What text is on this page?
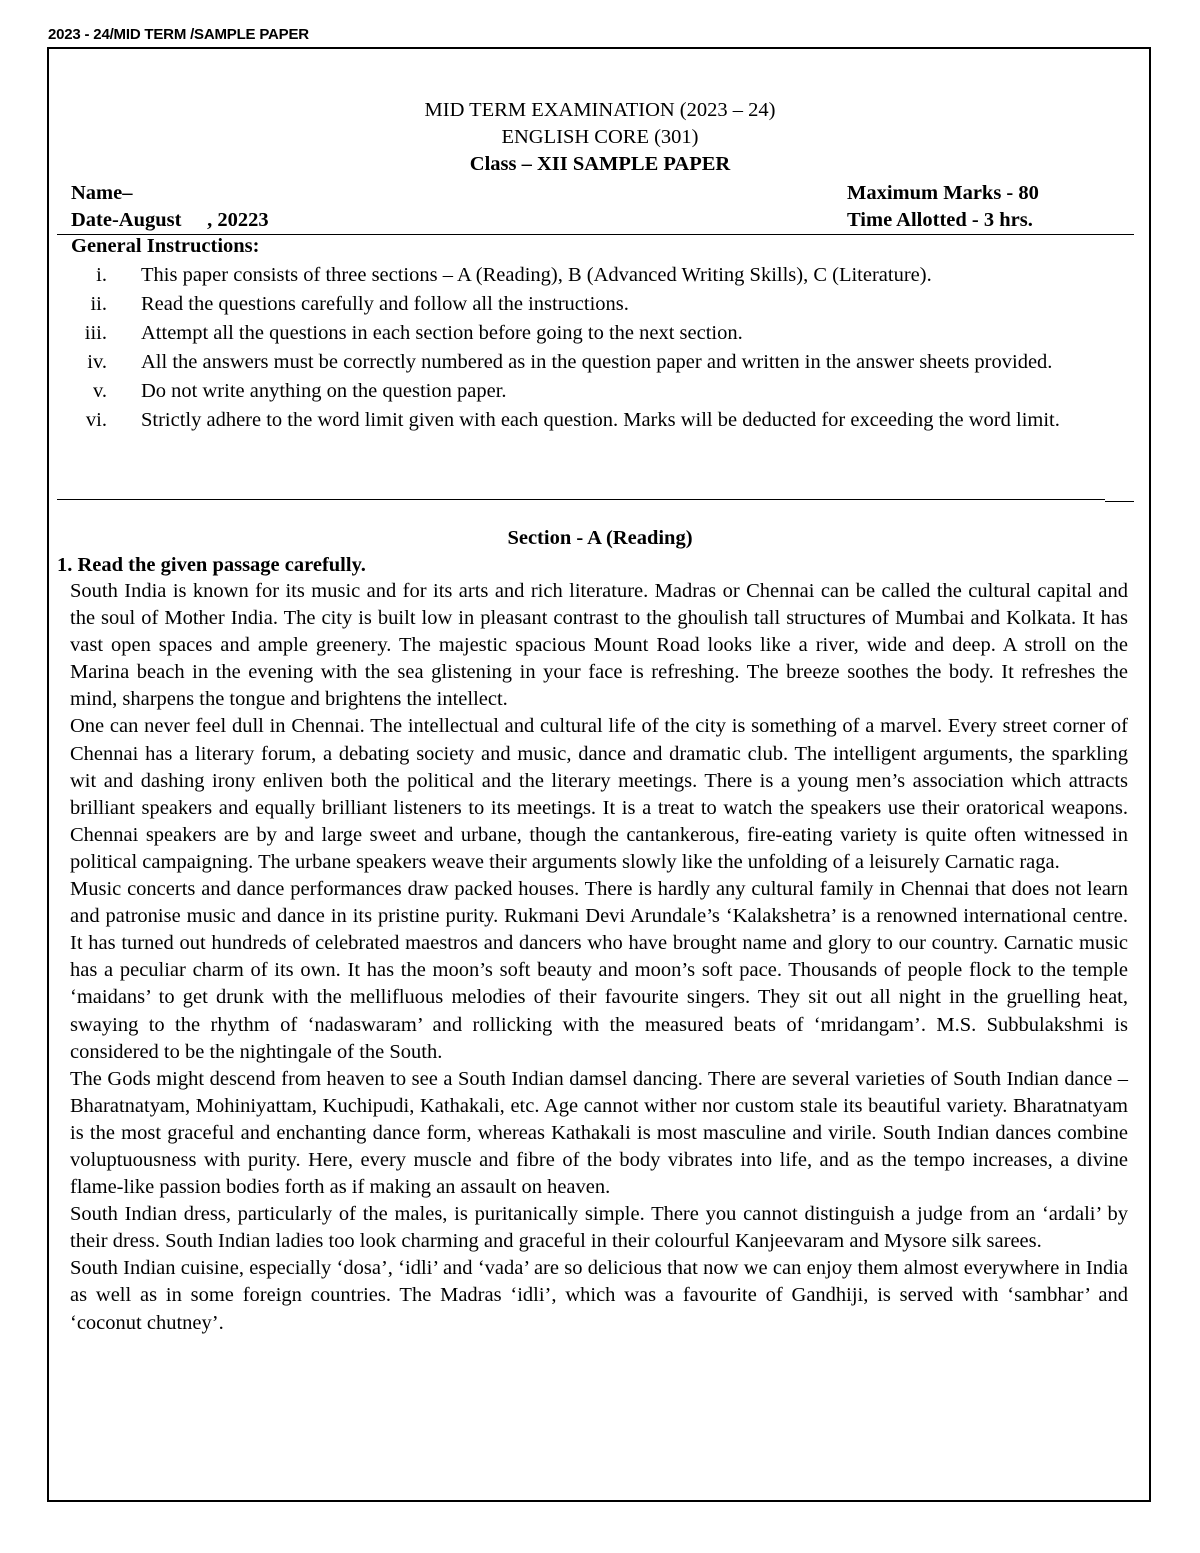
2023 - 24/MID TERM /SAMPLE PAPER
MID TERM EXAMINATION (2023 – 24)
ENGLISH CORE (301)
Class – XII SAMPLE PAPER
Name–	Maximum Marks - 80
Date-August     , 20223	Time Allotted - 3 hrs.
General Instructions:
i. This paper consists of three sections – A (Reading), B (Advanced Writing Skills), C (Literature).
ii. Read the questions carefully and follow all the instructions.
iii. Attempt all the questions in each section before going to the next section.
iv. All the answers must be correctly numbered as in the question paper and written in the answer sheets provided.
v. Do not write anything on the question paper.
vi. Strictly adhere to the word limit given with each question. Marks will be deducted for exceeding the word limit.
Section - A (Reading)
1. Read the given passage carefully.

South India is known for its music and for its arts and rich literature. Madras or Chennai can be called the cultural capital and the soul of Mother India. The city is built low in pleasant contrast to the ghoulish tall structures of Mumbai and Kolkata. It has vast open spaces and ample greenery. The majestic spacious Mount Road looks like a river, wide and deep. A stroll on the Marina beach in the evening with the sea glistening in your face is refreshing. The breeze soothes the body. It refreshes the mind, sharpens the tongue and brightens the intellect.

One can never feel dull in Chennai. The intellectual and cultural life of the city is something of a marvel. Every street corner of Chennai has a literary forum, a debating society and music, dance and dramatic club. The intelligent arguments, the sparkling wit and dashing irony enliven both the political and the literary meetings. There is a young men’s association which attracts brilliant speakers and equally brilliant listeners to its meetings. It is a treat to watch the speakers use their oratorical weapons. Chennai speakers are by and large sweet and urbane, though the cantankerous, fire-eating variety is quite often witnessed in political campaigning. The urbane speakers weave their arguments slowly like the unfolding of a leisurely Carnatic raga.

Music concerts and dance performances draw packed houses. There is hardly any cultural family in Chennai that does not learn and patronise music and dance in its pristine purity. Rukmani Devi Arundale’s ‘Kalakshetra’ is a renowned international centre. It has turned out hundreds of celebrated maestros and dancers who have brought name and glory to our country. Carnatic music has a peculiar charm of its own. It has the moon’s soft beauty and moon’s soft pace. Thousands of people flock to the temple ‘maidans’ to get drunk with the mellifluous melodies of their favourite singers. They sit out all night in the gruelling heat, swaying to the rhythm of ‘nadaswaram’ and rollicking with the measured beats of ‘mridangam’. M.S. Subbulakshmi is considered to be the nightingale of the South.

The Gods might descend from heaven to see a South Indian damsel dancing. There are several varieties of South Indian dance – Bharatnatyam, Mohiniyattam, Kuchipudi, Kathakali, etc. Age cannot wither nor custom stale its beautiful variety. Bharatnatyam is the most graceful and enchanting dance form, whereas Kathakali is most masculine and virile. South Indian dances combine voluptuousness with purity. Here, every muscle and fibre of the body vibrates into life, and as the tempo increases, a divine flame-like passion bodies forth as if making an assault on heaven.

South Indian dress, particularly of the males, is puritanically simple. There you cannot distinguish a judge from an ‘ardali’ by their dress. South Indian ladies too look charming and graceful in their colourful Kanjeevaram and Mysore silk sarees.

South Indian cuisine, especially ‘dosa’, ‘idli’ and ‘vada’ are so delicious that now we can enjoy them almost everywhere in India as well as in some foreign countries. The Madras ‘idli’, which was a favourite of Gandhiji, is served with ‘sambhar’ and ‘coconut chutney’.
